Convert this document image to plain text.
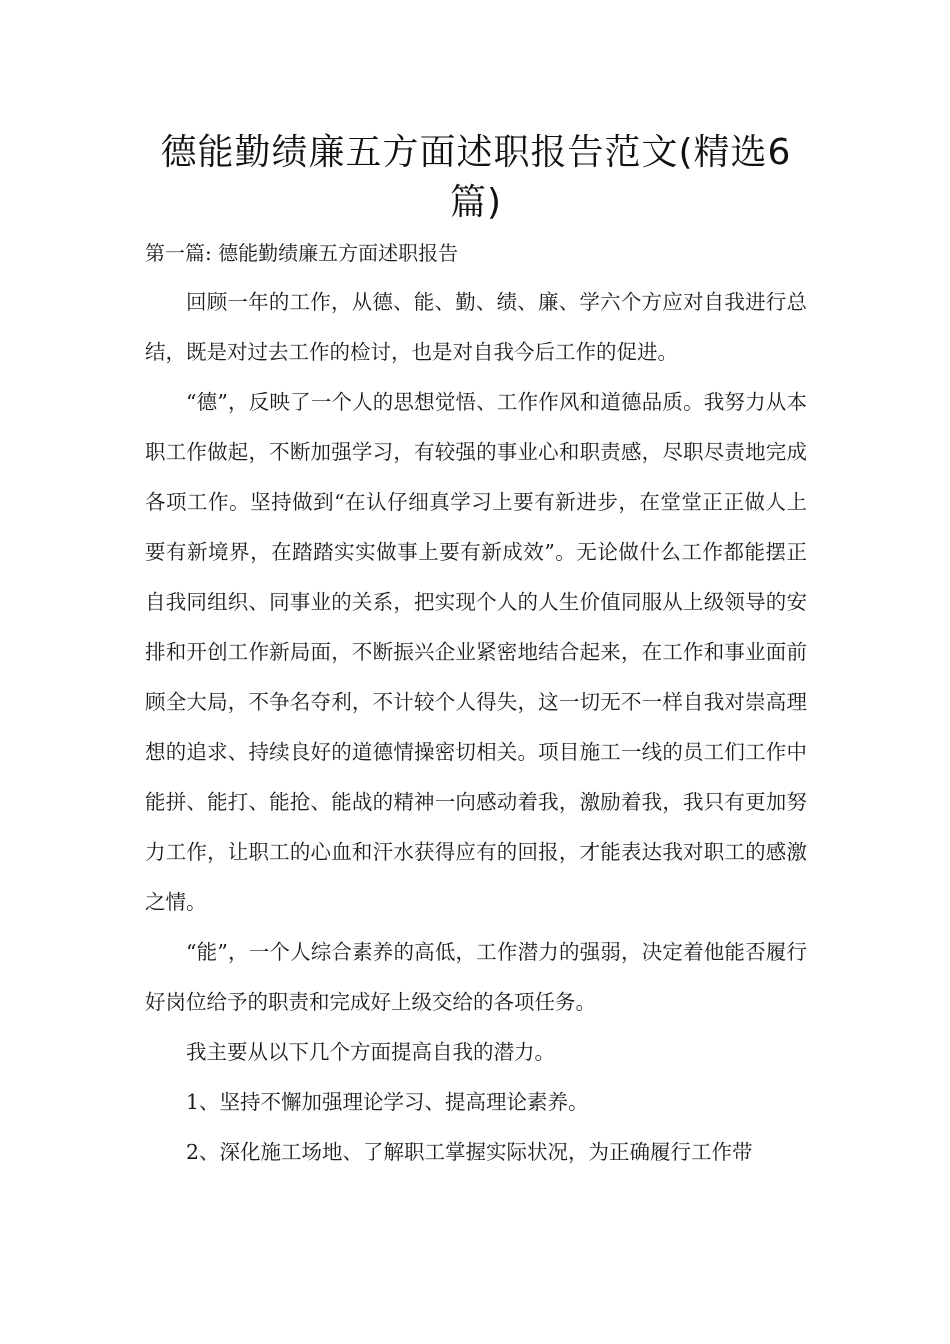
德能勤绩廉五方面述职报告范文(精选6篇)
第一篇: 德能勤绩廉五方面述职报告

回顾一年的工作，从德、能、勤、绩、廉、学六个方应对自我进行总结，既是对过去工作的检讨，也是对自我今后工作的促进。

“德”，反映了一个人的思想觉悟、工作作风和道德品质。我努力从本职工作做起，不断加强学习，有较强的事业心和职责感，尽职尽责地完成各项工作。坚持做到“在认仔细真学习上要有新进步，在堂堂正正做人上要有新境界，在踏踏实实做事上要有新成效”。无论做什么工作都能摆正自我同组织、同事业的关系，把实现个人的人生价值同服从上级领导的安排和开创工作新局面，不断振兴企业紧密地结合起来，在工作和事业面前顾全大局，不争名夺利，不计较个人得失，这一切无不一样自我对崇高理想的追求、持续良好的道德情操密切相关。项目施工一线的员工们工作中能拼、能打、能抢、能战的精神一向感动着我，激励着我，我只有更加努力工作，让职工的心血和汗水获得应有的回报，才能表达我对职工的感激之情。

“能”，一个人综合素养的高低，工作潜力的强弱，决定着他能否履行好岗位给予的职责和完成好上级交给的各项任务。

我主要从以下几个方面提高自我的潜力。

1、坚持不懈加强理论学习、提高理论素养。

2、深化施工场地、了解职工掌握实际状况，为正确履行工作带
